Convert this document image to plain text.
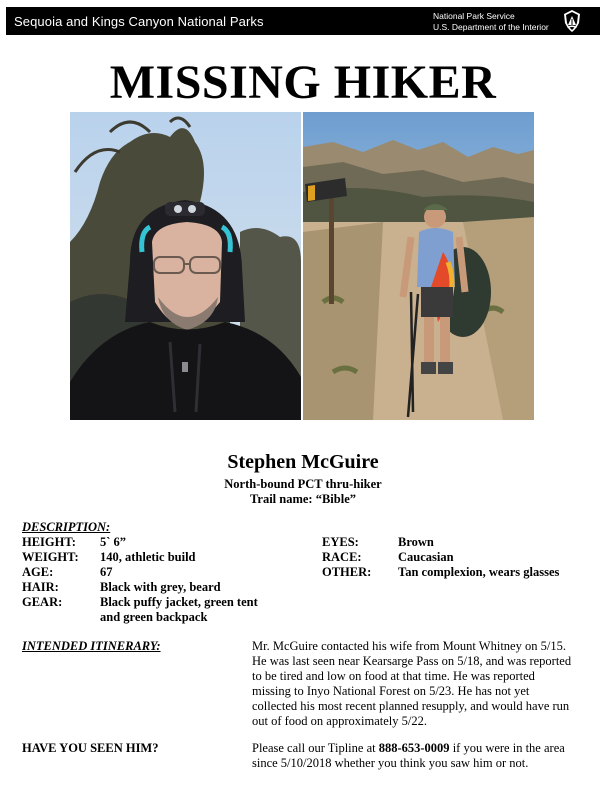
Sequoia and Kings Canyon National Parks	National Park Service
U.S. Department of the Interior
MISSING HIKER
Stephen McGuire
North-bound PCT thru-hiker
Trail name: “Bible”
DESCRIPTION:
HEIGHT: 5` 6”
WEIGHT: 140, athletic build
AGE:	67
HAIR:	Black with grey, beard
GEAR:	Black puffy jacket, green tent
and green backpack
EYES:	Brown
RACE:	Caucasian
OTHER: Tan complexion, wears glasses
INTENDED ITINERARY:	Mr. McGuire contacted his wife from Mount Whitney on 5/15.
He was last seen near Kearsarge Pass on 5/18, and was reported
to be tired and low on food at that time. He was reported
missing to Inyo National Forest on 5/23. He has not yet
collected his most recent planned resupply, and would have run
out of food on approximately 5/22.
HAVE YOU SEEN HIM?	Please call our Tipline at 888-653-0009 if you were in the area
since 5/10/2018 whether you think you saw him or not.
